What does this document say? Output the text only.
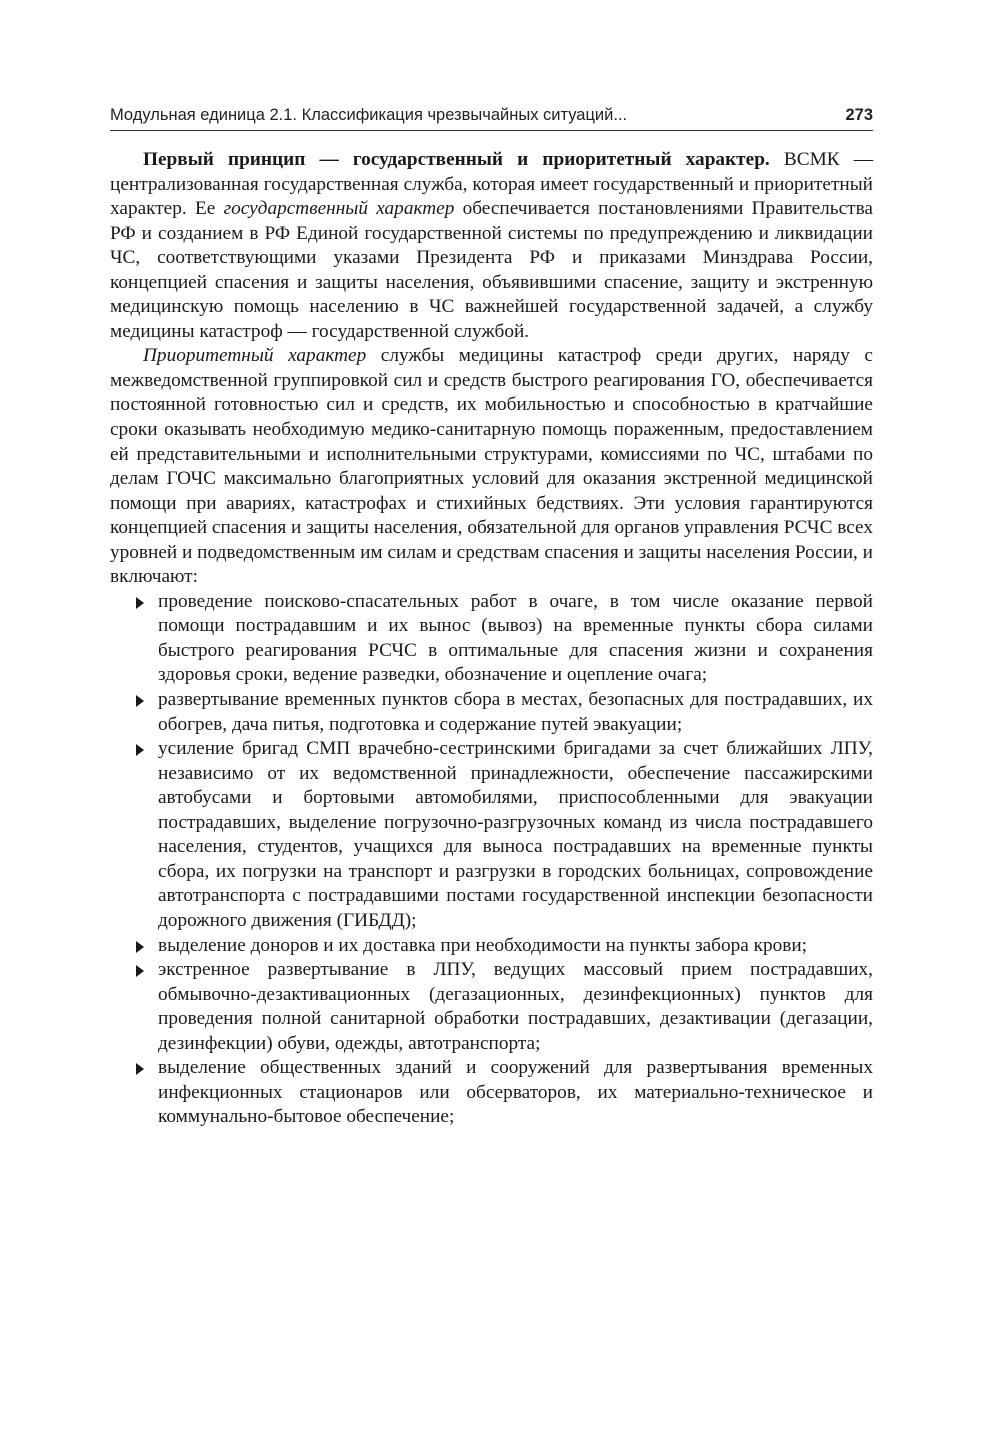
Модульная единица 2.1. Классификация чрезвычайных ситуаций...	273

Первый принцип — государственный и приоритетный характер. ВСМК — централизованная государственная служба, которая имеет государственный и приоритетный характер. Ее государственный характер обеспечивается постановлениями Правительства РФ и созданием в РФ Единой государственной системы по предупреждению и ликвидации ЧС, соответствующими указами Президента РФ и приказами Минздрава России, концепцией спасения и защиты населения, объявившими спасение, защиту и экстренную медицинскую помощь населению в ЧС важнейшей государственной задачей, а службу медицины катастроф — государственной службой.

Приоритетный характер службы медицины катастроф среди других, наряду с межведомственной группировкой сил и средств быстрого реагирования ГО, обеспечивается постоянной готовностью сил и средств, их мобильностью и способностью в кратчайшие сроки оказывать необходимую медико-санитарную помощь пораженным, предоставлением ей представительными и исполнительными структурами, комиссиями по ЧС, штабами по делам ГОЧС максимально благоприятных условий для оказания экстренной медицинской помощи при авариях, катастрофах и стихийных бедствиях. Эти условия гарантируются концепцией спасения и защиты населения, обязательной для органов управления РСЧС всех уровней и подведомственным им силам и средствам спасения и защиты населения России, и включают:

проведение поисково-спасательных работ в очаге, в том числе оказание первой помощи пострадавшим и их вынос (вывоз) на временные пункты сбора силами быстрого реагирования РСЧС в оптимальные для спасения жизни и сохранения здоровья сроки, ведение разведки, обозначение и оцепление очага;
развертывание временных пунктов сбора в местах, безопасных для пострадавших, их обогрев, дача питья, подготовка и содержание путей эвакуации;
усиление бригад СМП врачебно-сестринскими бригадами за счет ближайших ЛПУ, независимо от их ведомственной принадлежности, обеспечение пассажирскими автобусами и бортовыми автомобилями, приспособленными для эвакуации пострадавших, выделение погрузочно-разгрузочных команд из числа пострадавшего населения, студентов, учащихся для выноса пострадавших на временные пункты сбора, их погрузки на транспорт и разгрузки в городских больницах, сопровождение автотранспорта с пострадавшими постами государственной инспекции безопасности дорожного движения (ГИБДД);
выделение доноров и их доставка при необходимости на пункты забора крови;
экстренное развертывание в ЛПУ, ведущих массовый прием пострадавших, обмывочно-дезактивационных (дегазационных, дезинфекционных) пунктов для проведения полной санитарной обработки пострадавших, дезактивации (дегазации, дезинфекции) обуви, одежды, автотранспорта;
выделение общественных зданий и сооружений для развертывания временных инфекционных стационаров или обсерваторов, их материально-техническое и коммунально-бытовое обеспечение;
